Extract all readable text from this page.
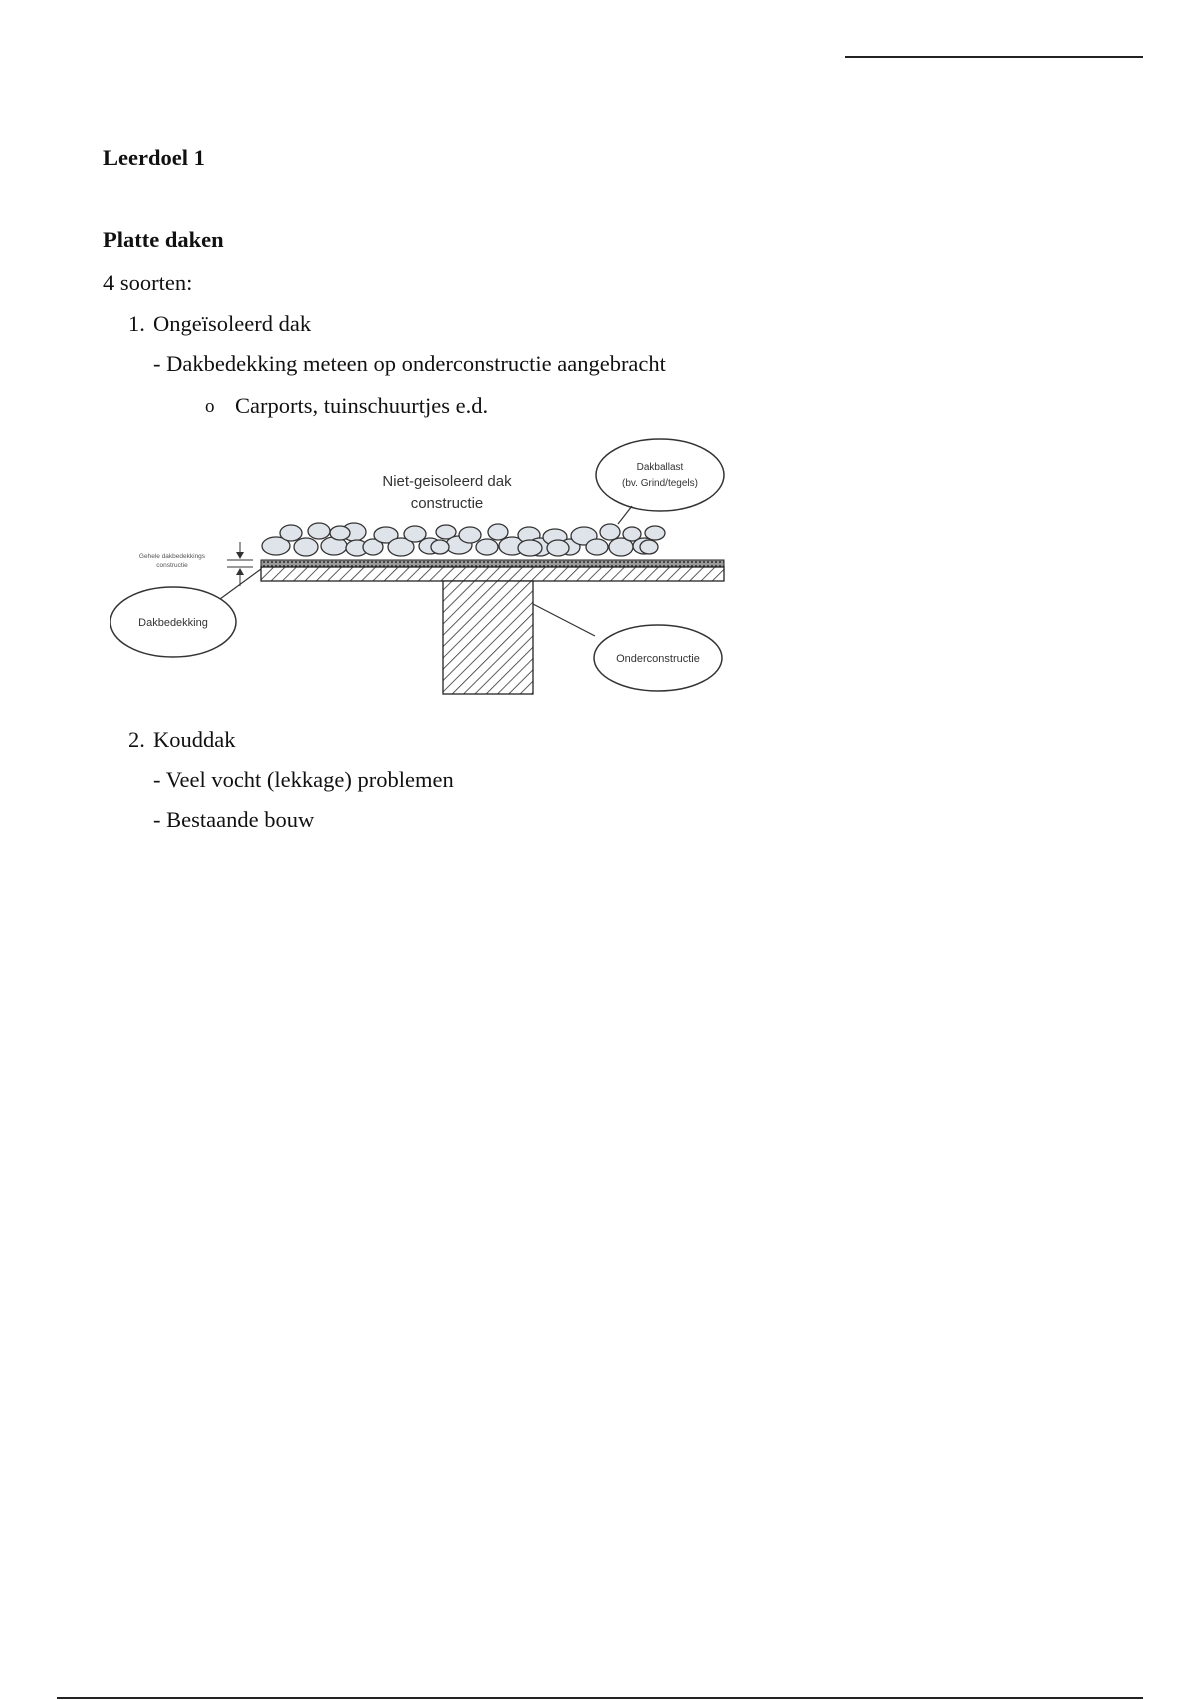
Leerdoel 1
Platte daken
4 soorten:
1. Ongeïsoleerd dak
- Dakbedekking meteen op onderconstructie aangebracht
o Carports, tuinschuurtjes e.d.
Niet-geisoleerd dak
constructie
Dakballast
(bv. Grind/tegels)
Gehele dakbedekkings
constructie
Dakbedekking
Onderconstructie
2. Kouddak
- Veel vocht (lekkage) problemen
- Bestaande bouw
